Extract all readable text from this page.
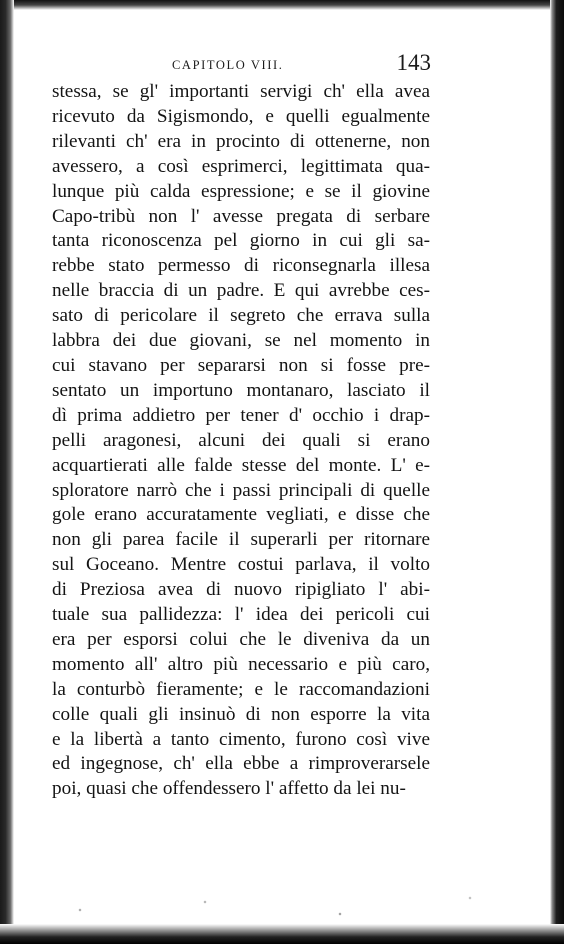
CAPITOLO VIII.	143
stessa, se gl' importanti servigi ch' ella avea
ricevuto da Sigismondo, e quelli egualmente
rilevanti ch' era in procinto di ottenerne, non
avessero, a così esprimerci, legittimata qua-
lunque più calda espressione; e se il giovine
Capo-tribù non l' avesse pregata di serbare
tanta riconoscenza pel giorno in cui gli sa-
rebbe stato permesso di riconsegnarla illesa
nelle braccia di un padre. E qui avrebbe ces-
sato di pericolare il segreto che errava sulla
labbra dei due giovani, se nel momento in
cui stavano per separarsi non si fosse pre-
sentato un importuno montanaro, lasciato il
dì prima addietro per tener d' occhio i drap-
pelli aragonesi, alcuni dei quali si erano
acquartierati alle falde stesse del monte. L' e-
sploratore narrò che i passi principali di quelle
gole erano accuratamente vegliati, e disse che
non gli parea facile il superarli per ritornare
sul Goceano. Mentre costui parlava, il volto
di Preziosa avea di nuovo ripigliato l' abi-
tuale sua pallidezza: l' idea dei pericoli cui
era per esporsi colui che le diveniva da un
momento all' altro più necessario e più caro,
la conturbò fieramente; e le raccomandazioni
colle quali gli insinuò di non esporre la vita
e la libertà a tanto cimento, furono così vive
ed ingegnose, ch' ella ebbe a rimproverarsele
poi, quasi che offendessero l' affetto da lei nu-
